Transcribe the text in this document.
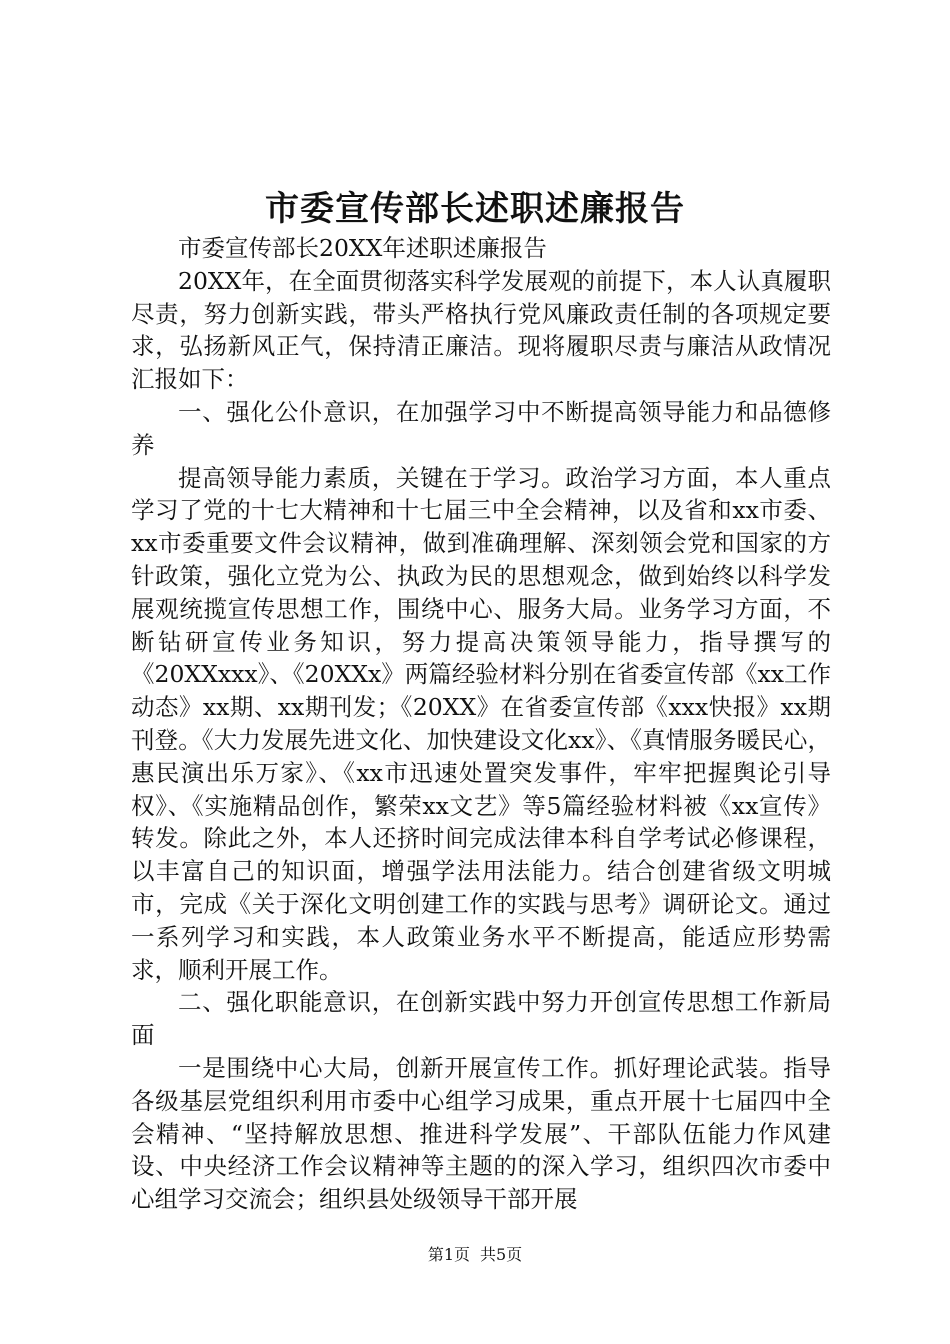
市委宣传部长述职述廉报告

市委宣传部长20XX年述职述廉报告

20XX年，在全面贯彻落实科学发展观的前提下，本人认真履职尽责，努力创新实践，带头严格执行党风廉政责任制的各项规定要求，弘扬新风正气，保持清正廉洁。现将履职尽责与廉洁从政情况汇报如下：

一、强化公仆意识，在加强学习中不断提高领导能力和品德修养

提高领导能力素质，关键在于学习。政治学习方面，本人重点学习了党的十七大精神和十七届三中全会精神，以及省和xx市委、xx市委重要文件会议精神，做到准确理解、深刻领会党和国家的方针政策，强化立党为公、执政为民的思想观念，做到始终以科学发展观统揽宣传思想工作，围绕中心、服务大局。业务学习方面，不断钻研宣传业务知识，努力提高决策领导能力，指导撰写的《20XXxxx》、《20XXx》两篇经验材料分别在省委宣传部《xx工作动态》xx期、xx期刊发；《20XX》在省委宣传部《xxx快报》xx期刊登。《大力发展先进文化、加快建设文化xx》、《真情服务暖民心，惠民演出乐万家》、《xx市迅速处置突发事件，牢牢把握舆论引导权》、《实施精品创作，繁荣xx文艺》等5篇经验材料被《xx宣传》转发。除此之外，本人还挤时间完成法律本科自学考试必修课程，以丰富自己的知识面，增强学法用法能力。结合创建省级文明城市，完成《关于深化文明创建工作的实践与思考》调研论文。通过一系列学习和实践，本人政策业务水平不断提高，能适应形势需求，顺利开展工作。

二、强化职能意识，在创新实践中努力开创宣传思想工作新局面

一是围绕中心大局，创新开展宣传工作。抓好理论武装。指导各级基层党组织利用市委中心组学习成果，重点开展十七届四中全会精神、“坚持解放思想、推进科学发展”、干部队伍能力作风建设、中央经济工作会议精神等主题的的深入学习，组织四次市委中心组学习交流会；组织县处级领导干部开展

第1页 共5页
